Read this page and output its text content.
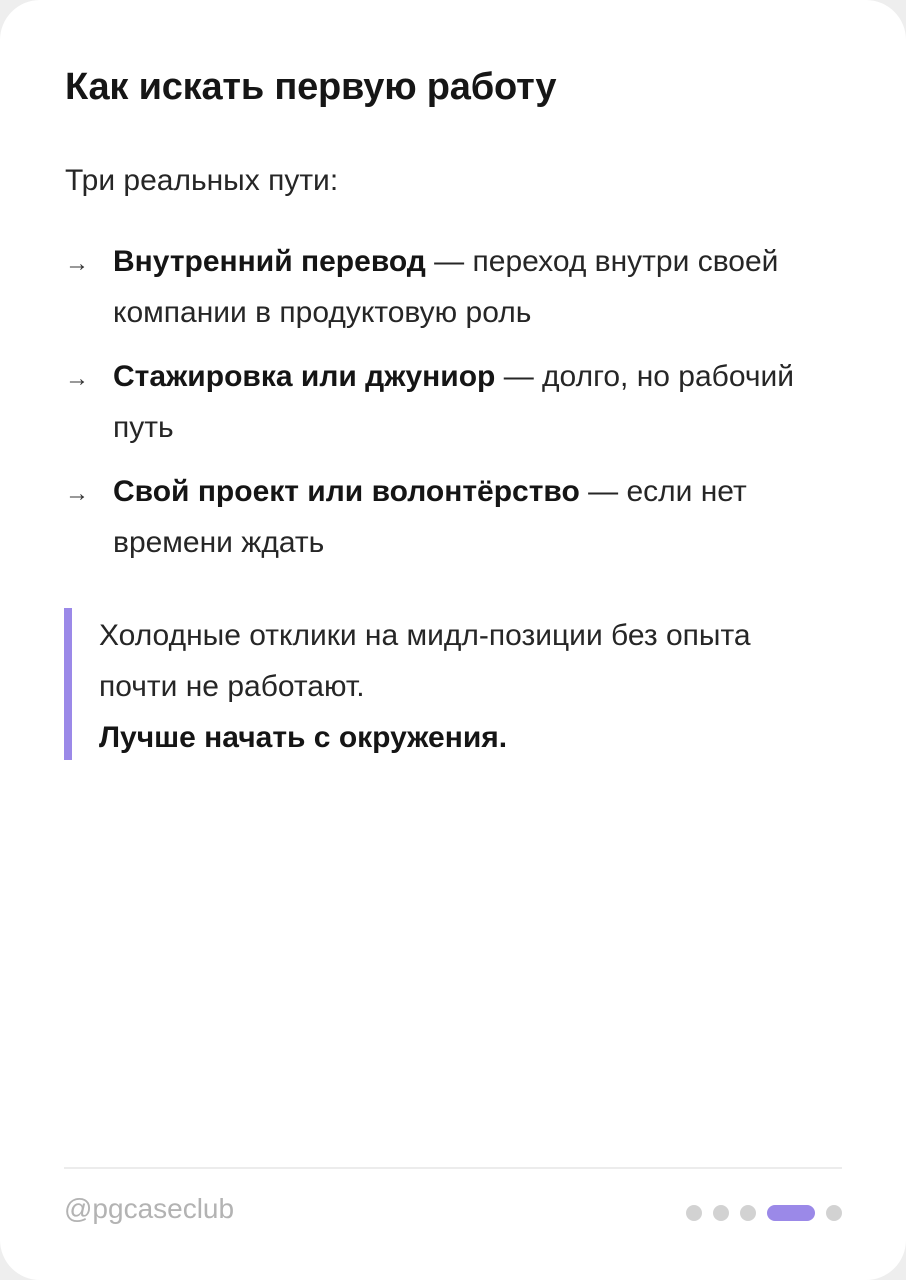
Как искать первую работу

Три реальных пути:

→ Внутренний перевод — переход внутри своей компании в продуктовую роль
→ Стажировка или джуниор — долго, но рабочий путь
→ Свой проект или волонтёрство — если нет времени ждать
Холодные отклики на мидл-позиции без опыта почти не работают.
Лучше начать с окружения.
@pgcaseclub
